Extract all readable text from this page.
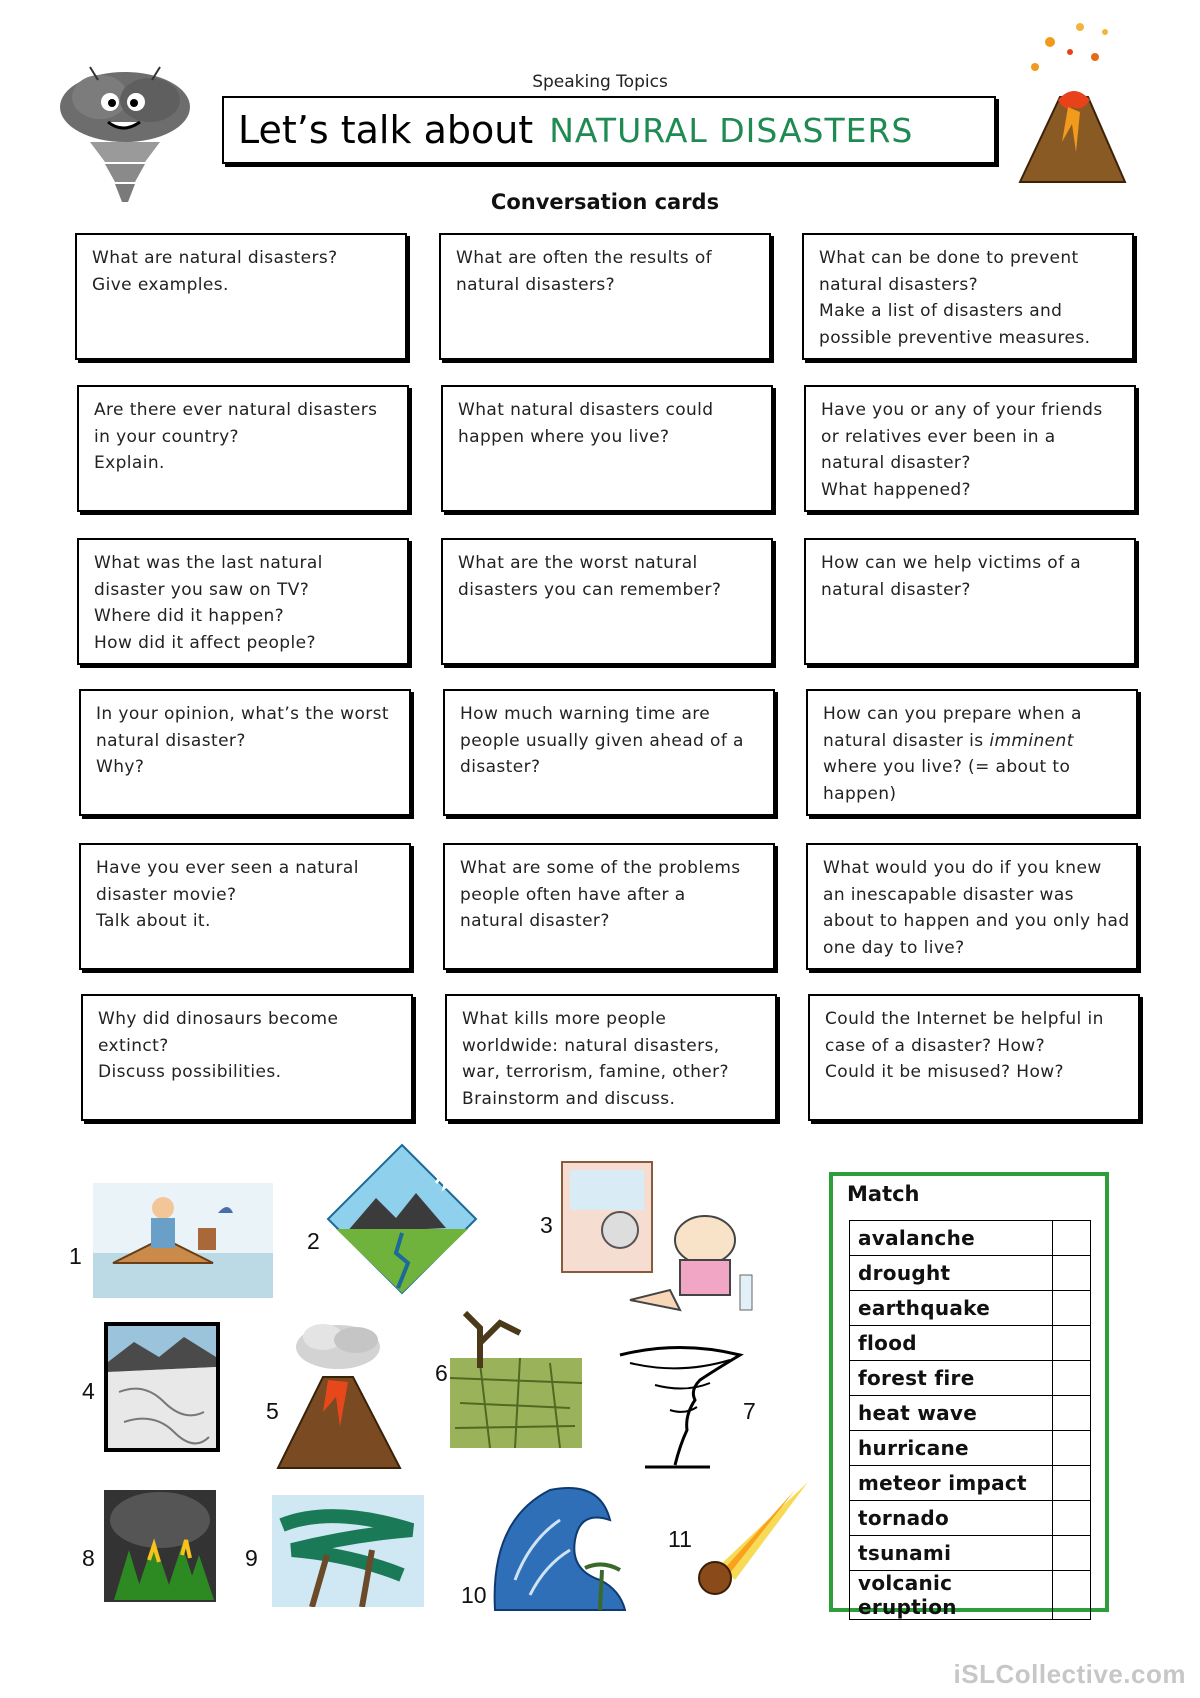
Speaking Topics
Let’s talk about NATURAL DISASTERS
Conversation cards
What are natural disasters?
Give examples.
What are often the results of
natural disasters?
What can be done to prevent
natural disasters?
Make a list of disasters and
possible preventive measures.
Are there ever natural disasters
in your country?
Explain.
What natural disasters could
happen where you live?
Have you or any of your friends
or relatives ever been in a
natural disaster?
What happened?
What was the last natural
disaster you saw on TV?
Where did it happen?
How did it affect people?
What are the worst natural
disasters you can remember?
How can we help victims of a
natural disaster?
In your opinion, what’s the worst
natural disaster?
Why?
How much warning time are
people usually given ahead of a
disaster?
How can you prepare when a
natural disaster is imminent
where you live? (= about to
happen)
Have you ever seen a natural
disaster movie?
Talk about it.
What are some of the problems
people often have after a
natural disaster?
What would you do if you knew
an inescapable disaster was
about to happen and you only had
one day to live?
Why did dinosaurs become
extinct?
Discuss possibilities.
What kills more people
worldwide: natural disasters,
war, terrorism, famine, other?
Brainstorm and discuss.
Could the Internet be helpful in
case of a disaster? How?
Could it be misused? How?
1
2
3
4
5
6
7
8	9
10
11
Match
avalanche	
drought	
earthquake	
flood	
forest fire	
heat wave	
hurricane	
meteor impact	
tornado	
tsunami	
volcanic eruption	
iSLCollective.com
